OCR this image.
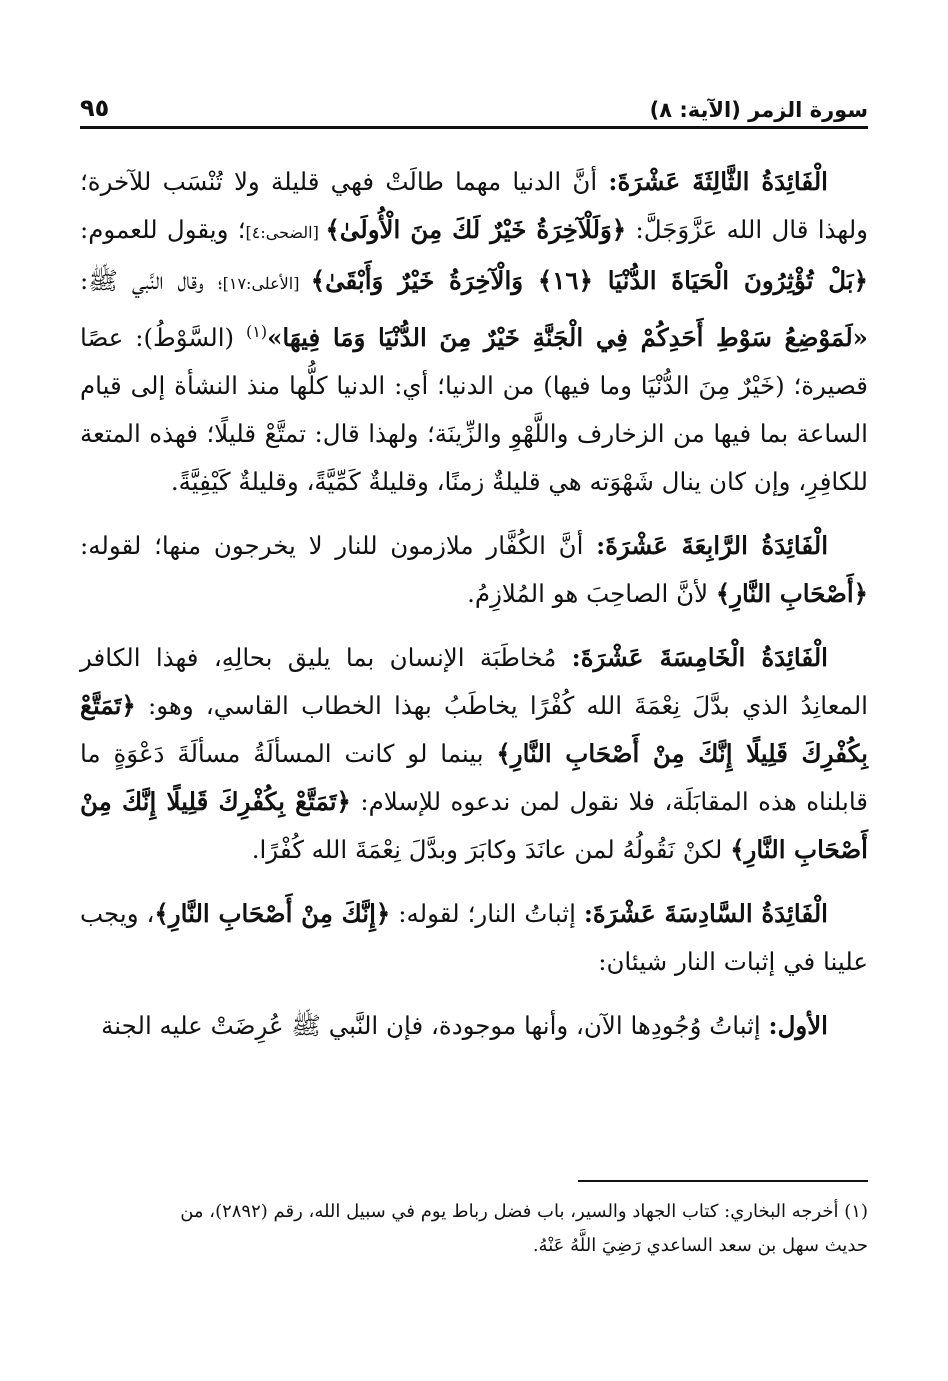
سورة الزمر (الآية: ٨)
٩٥

الْفَائِدَةُ الثَّالِثَةَ عَشْرَةَ: أنَّ الدنيا مهما طالَتْ فهي قليلة ولا تُنْسَب للآخرة؛ ولهذا قال الله عَزَّوَجَلَّ: ﴿وَلَلْآخِرَةُ خَيْرٌ لَكَ مِنَ الْأُولَىٰ﴾ [الضحى:٤]؛ ويقول للعموم: ﴿بَلْ تُؤْثِرُونَ الْحَيَاةَ الدُّنْيَا ﴿١٦﴾ وَالْآخِرَةُ خَيْرٌ وَأَبْقَىٰ﴾ [الأعلى:١٧]؛ وقال النَّبي ﷺ: «لَمَوْضِعُ سَوْطِ أَحَدِكُمْ فِي الْجَنَّةِ خَيْرٌ مِنَ الدُّنْيَا وَمَا فِيهَا»$^{(١)}$ (السَّوْطُ): عصًا قصيرة؛ (خَيْرٌ مِنَ الدُّنْيَا وما فيها) من الدنيا؛ أي: الدنيا كلُّها منذ النشأة إلى قيام الساعة بما فيها من الزخارف واللَّهْوِ والزِّينَة؛ ولهذا قال: تمتَّعْ قليلًا؛ فهذه المتعة للكافِرِ، وإن كان ينال شَهْوَته هي قليلةٌ زمنًا، وقليلةٌ كَمِّيَّةً، وقليلةٌ كَيْفِيَّةً.

الْفَائِدَةُ الرَّابِعَةَ عَشْرَةَ: أنَّ الكُفَّار ملازمون للنار لا يخرجون منها؛ لقوله: ﴿أَصْحَابِ النَّارِ﴾ لأنَّ الصاحِبَ هو المُلازِمُ.

الْفَائِدَةُ الْخَامِسَةَ عَشْرَةَ: مُخاطَبَة الإنسان بما يليق بحالِهِ، فهذا الكافر المعانِدُ الذي بدَّلَ نِعْمَةَ الله كُفْرًا يخاطَبُ بهذا الخطاب القاسي، وهو: ﴿تَمَتَّعْ بِكُفْرِكَ قَلِيلًا إِنَّكَ مِنْ أَصْحَابِ النَّارِ﴾ بينما لو كانت المسألَةُ مسألَةَ دَعْوَةٍ ما قابلناه هذه المقابَلَة، فلا نقول لمن ندعوه للإسلام: ﴿تَمَتَّعْ بِكُفْرِكَ قَلِيلًا إِنَّكَ مِنْ أَصْحَابِ النَّارِ﴾ لكنْ نَقُولُهُ لمن عانَدَ وكابَرَ وبدَّلَ نِعْمَةَ الله كُفْرًا.

الْفَائِدَةُ السَّادِسَةَ عَشْرَةَ: إثباتُ النار؛ لقوله: ﴿إِنَّكَ مِنْ أَصْحَابِ النَّارِ﴾، ويجب علينا في إثبات النار شيئان:

الأول: إثباتُ وُجُودِها الآن، وأنها موجودة، فإن النَّبي ﷺ عُرِضَتْ عليه الجنة

(١) أخرجه البخاري: كتاب الجهاد والسير، باب فضل رباط يوم في سبيل الله، رقم (٢٨٩٢)، من
حديث سهل بن سعد الساعدي رَضِيَ اللَّهُ عَنْهُ.
